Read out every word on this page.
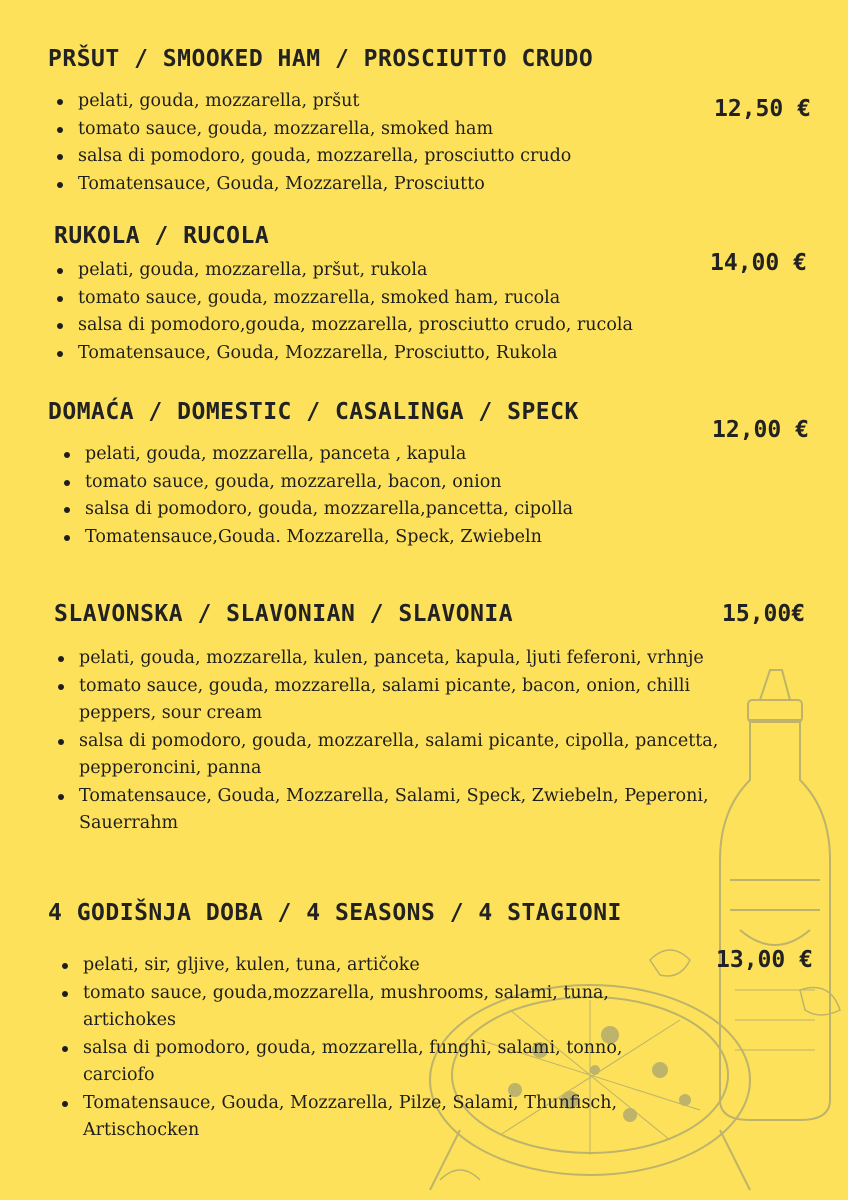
PRŠUT / SMOOKED HAM / PROSCIUTTO CRUDO
12,50 €
pelati, gouda, mozzarella, pršut
tomato sauce, gouda, mozzarella, smoked ham
salsa di pomodoro, gouda, mozzarella, prosciutto crudo
Tomatensauce, Gouda, Mozzarella, Prosciutto
RUKOLA / RUCOLA
14,00 €
pelati, gouda, mozzarella, pršut, rukola
tomato sauce, gouda, mozzarella, smoked ham, rucola
salsa di pomodoro,gouda, mozzarella, prosciutto crudo, rucola
Tomatensauce, Gouda, Mozzarella, Prosciutto, Rukola
DOMAĆA / DOMESTIC / CASALINGA / SPECK
12,00 €
pelati, gouda, mozzarella, panceta , kapula
tomato sauce, gouda, mozzarella, bacon, onion
salsa di pomodoro, gouda, mozzarella,pancetta, cipolla
Tomatensauce,Gouda. Mozzarella, Speck, Zwiebeln
SLAVONSKA / SLAVONIAN / SLAVONIA	15,00€
pelati, gouda, mozzarella, kulen, panceta, kapula, ljuti feferoni, vrhnje
tomato sauce, gouda, mozzarella, salami picante, bacon, onion, chilli peppers, sour cream
salsa di pomodoro, gouda, mozzarella, salami picante, cipolla, pancetta, pepperoncini, panna
Tomatensauce, Gouda, Mozzarella, Salami, Speck, Zwiebeln, Peperoni, Sauerrahm
4 GODIŠNJA DOBA / 4 SEASONS / 4 STAGIONI
13,00 €
pelati, sir, gljive, kulen, tuna, artičoke
tomato sauce, gouda,mozzarella, mushrooms, salami, tuna, artichokes
salsa di pomodoro, gouda, mozzarella, funghi, salami, tonno, carciofo
Tomatensauce, Gouda, Mozzarella, Pilze, Salami, Thunfisch, Artischocken
